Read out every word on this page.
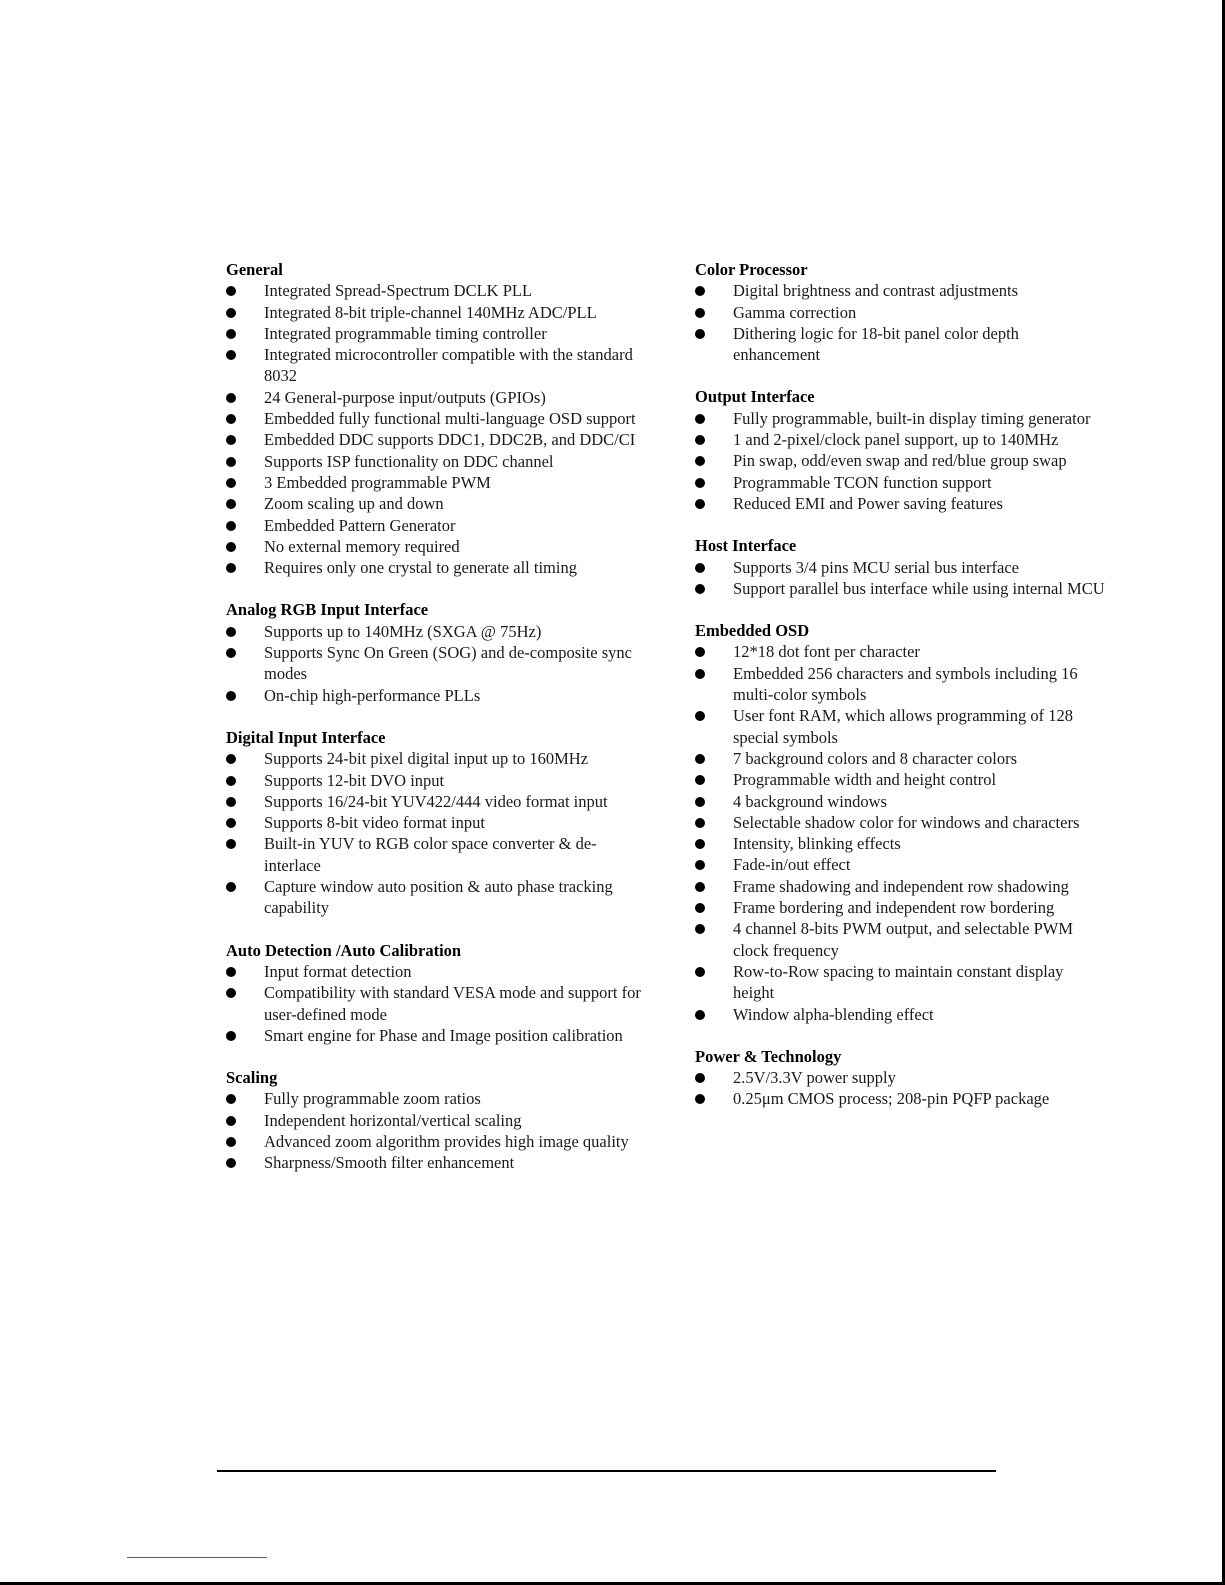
General
Integrated Spread-Spectrum DCLK PLL
Integrated 8-bit triple-channel 140MHz ADC/PLL
Integrated programmable timing controller
Integrated microcontroller compatible with the standard 8032
24 General-purpose input/outputs (GPIOs)
Embedded fully functional multi-language OSD support
Embedded DDC supports DDC1, DDC2B, and DDC/CI
Supports ISP functionality on DDC channel
3 Embedded programmable PWM
Zoom scaling up and down
Embedded Pattern Generator
No external memory required
Requires only one crystal to generate all timing
Analog RGB Input Interface
Supports up to 140MHz (SXGA @ 75Hz)
Supports Sync On Green (SOG) and de-composite sync modes
On-chip high-performance PLLs
Digital Input Interface
Supports 24-bit pixel digital input up to 160MHz
Supports 12-bit DVO input
Supports 16/24-bit YUV422/444 video format input
Supports 8-bit video format input
Built-in YUV to RGB color space converter & de-interlace
Capture window auto position & auto phase tracking capability
Auto Detection /Auto Calibration
Input format detection
Compatibility with standard VESA mode and support for user-defined mode
Smart engine for Phase and Image position calibration
Scaling
Fully programmable zoom ratios
Independent horizontal/vertical scaling
Advanced zoom algorithm provides high image quality
Sharpness/Smooth filter enhancement
Color Processor
Digital brightness and contrast adjustments
Gamma correction
Dithering logic for 18-bit panel color depth enhancement
Output Interface
Fully programmable, built-in display timing generator
1 and 2-pixel/clock panel support, up to 140MHz
Pin swap, odd/even swap and red/blue group swap
Programmable TCON function support
Reduced EMI and Power saving features
Host Interface
Supports 3/4 pins MCU serial bus interface
Support parallel bus interface while using internal MCU
Embedded OSD
12*18 dot font per character
Embedded 256 characters and symbols including 16 multi-color symbols
User font RAM, which allows programming of 128 special symbols
7 background colors and 8 character colors
Programmable width and height control
4 background windows
Selectable shadow color for windows and characters
Intensity, blinking effects
Fade-in/out effect
Frame shadowing and independent row shadowing
Frame bordering and independent row bordering
4 channel 8-bits PWM output, and selectable PWM clock frequency
Row-to-Row spacing to maintain constant display height
Window alpha-blending effect
Power & Technology
2.5V/3.3V power supply
0.25μm CMOS process; 208-pin PQFP package
